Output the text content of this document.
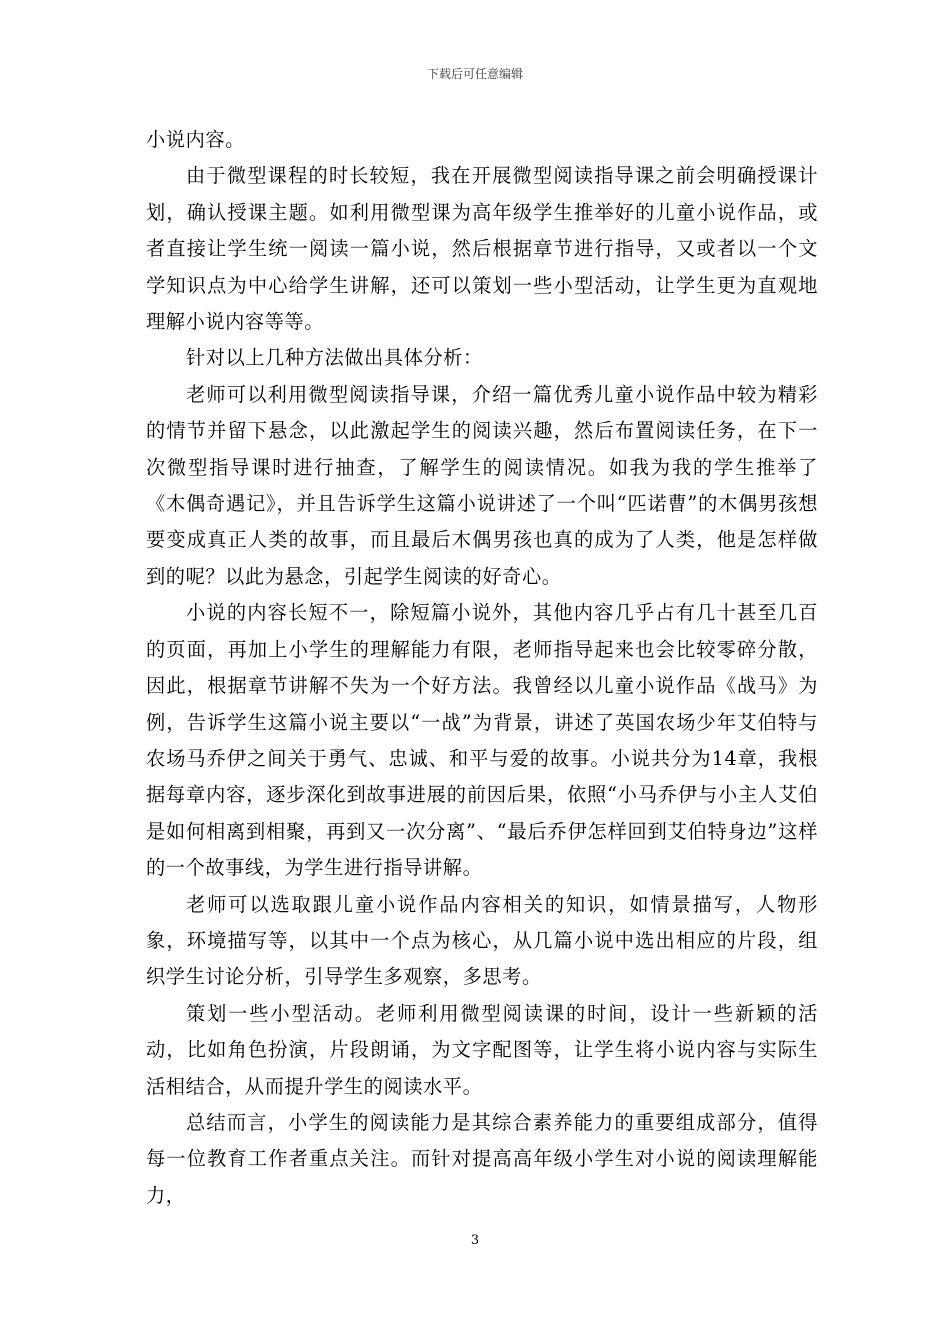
下载后可任意编辑

小说内容。

由于微型课程的时长较短，我在开展微型阅读指导课之前会明确授课计划，确认授课主题。如利用微型课为高年级学生推举好的儿童小说作品，或者直接让学生统一阅读一篇小说，然后根据章节进行指导，又或者以一个文学知识点为中心给学生讲解，还可以策划一些小型活动，让学生更为直观地理解小说内容等等。

针对以上几种方法做出具体分析：

老师可以利用微型阅读指导课，介绍一篇优秀儿童小说作品中较为精彩的情节并留下悬念，以此激起学生的阅读兴趣，然后布置阅读任务，在下一次微型指导课时进行抽查，了解学生的阅读情况。如我为我的学生推举了《木偶奇遇记》，并且告诉学生这篇小说讲述了一个叫“匹诺曹”的木偶男孩想要变成真正人类的故事，而且最后木偶男孩也真的成为了人类，他是怎样做到的呢？以此为悬念，引起学生阅读的好奇心。

小说的内容长短不一，除短篇小说外，其他内容几乎占有几十甚至几百的页面，再加上小学生的理解能力有限，老师指导起来也会比较零碎分散，因此，根据章节讲解不失为一个好方法。我曾经以儿童小说作品《战马》为例，告诉学生这篇小说主要以“一战”为背景，讲述了英国农场少年艾伯特与农场马乔伊之间关于勇气、忠诚、和平与爱的故事。小说共分为14章，我根据每章内容，逐步深化到故事进展的前因后果，依照“小马乔伊与小主人艾伯是如何相离到相聚，再到又一次分离”、“最后乔伊怎样回到艾伯特身边”这样的一个故事线，为学生进行指导讲解。

老师可以选取跟儿童小说作品内容相关的知识，如情景描写，人物形象，环境描写等，以其中一个点为核心，从几篇小说中选出相应的片段，组织学生讨论分析，引导学生多观察，多思考。

策划一些小型活动。老师利用微型阅读课的时间，设计一些新颖的活动，比如角色扮演，片段朗诵，为文字配图等，让学生将小说内容与实际生活相结合，从而提升学生的阅读水平。

总结而言，小学生的阅读能力是其综合素养能力的重要组成部分，值得每一位教育工作者重点关注。而针对提高高年级小学生对小说的阅读理解能力，

3
